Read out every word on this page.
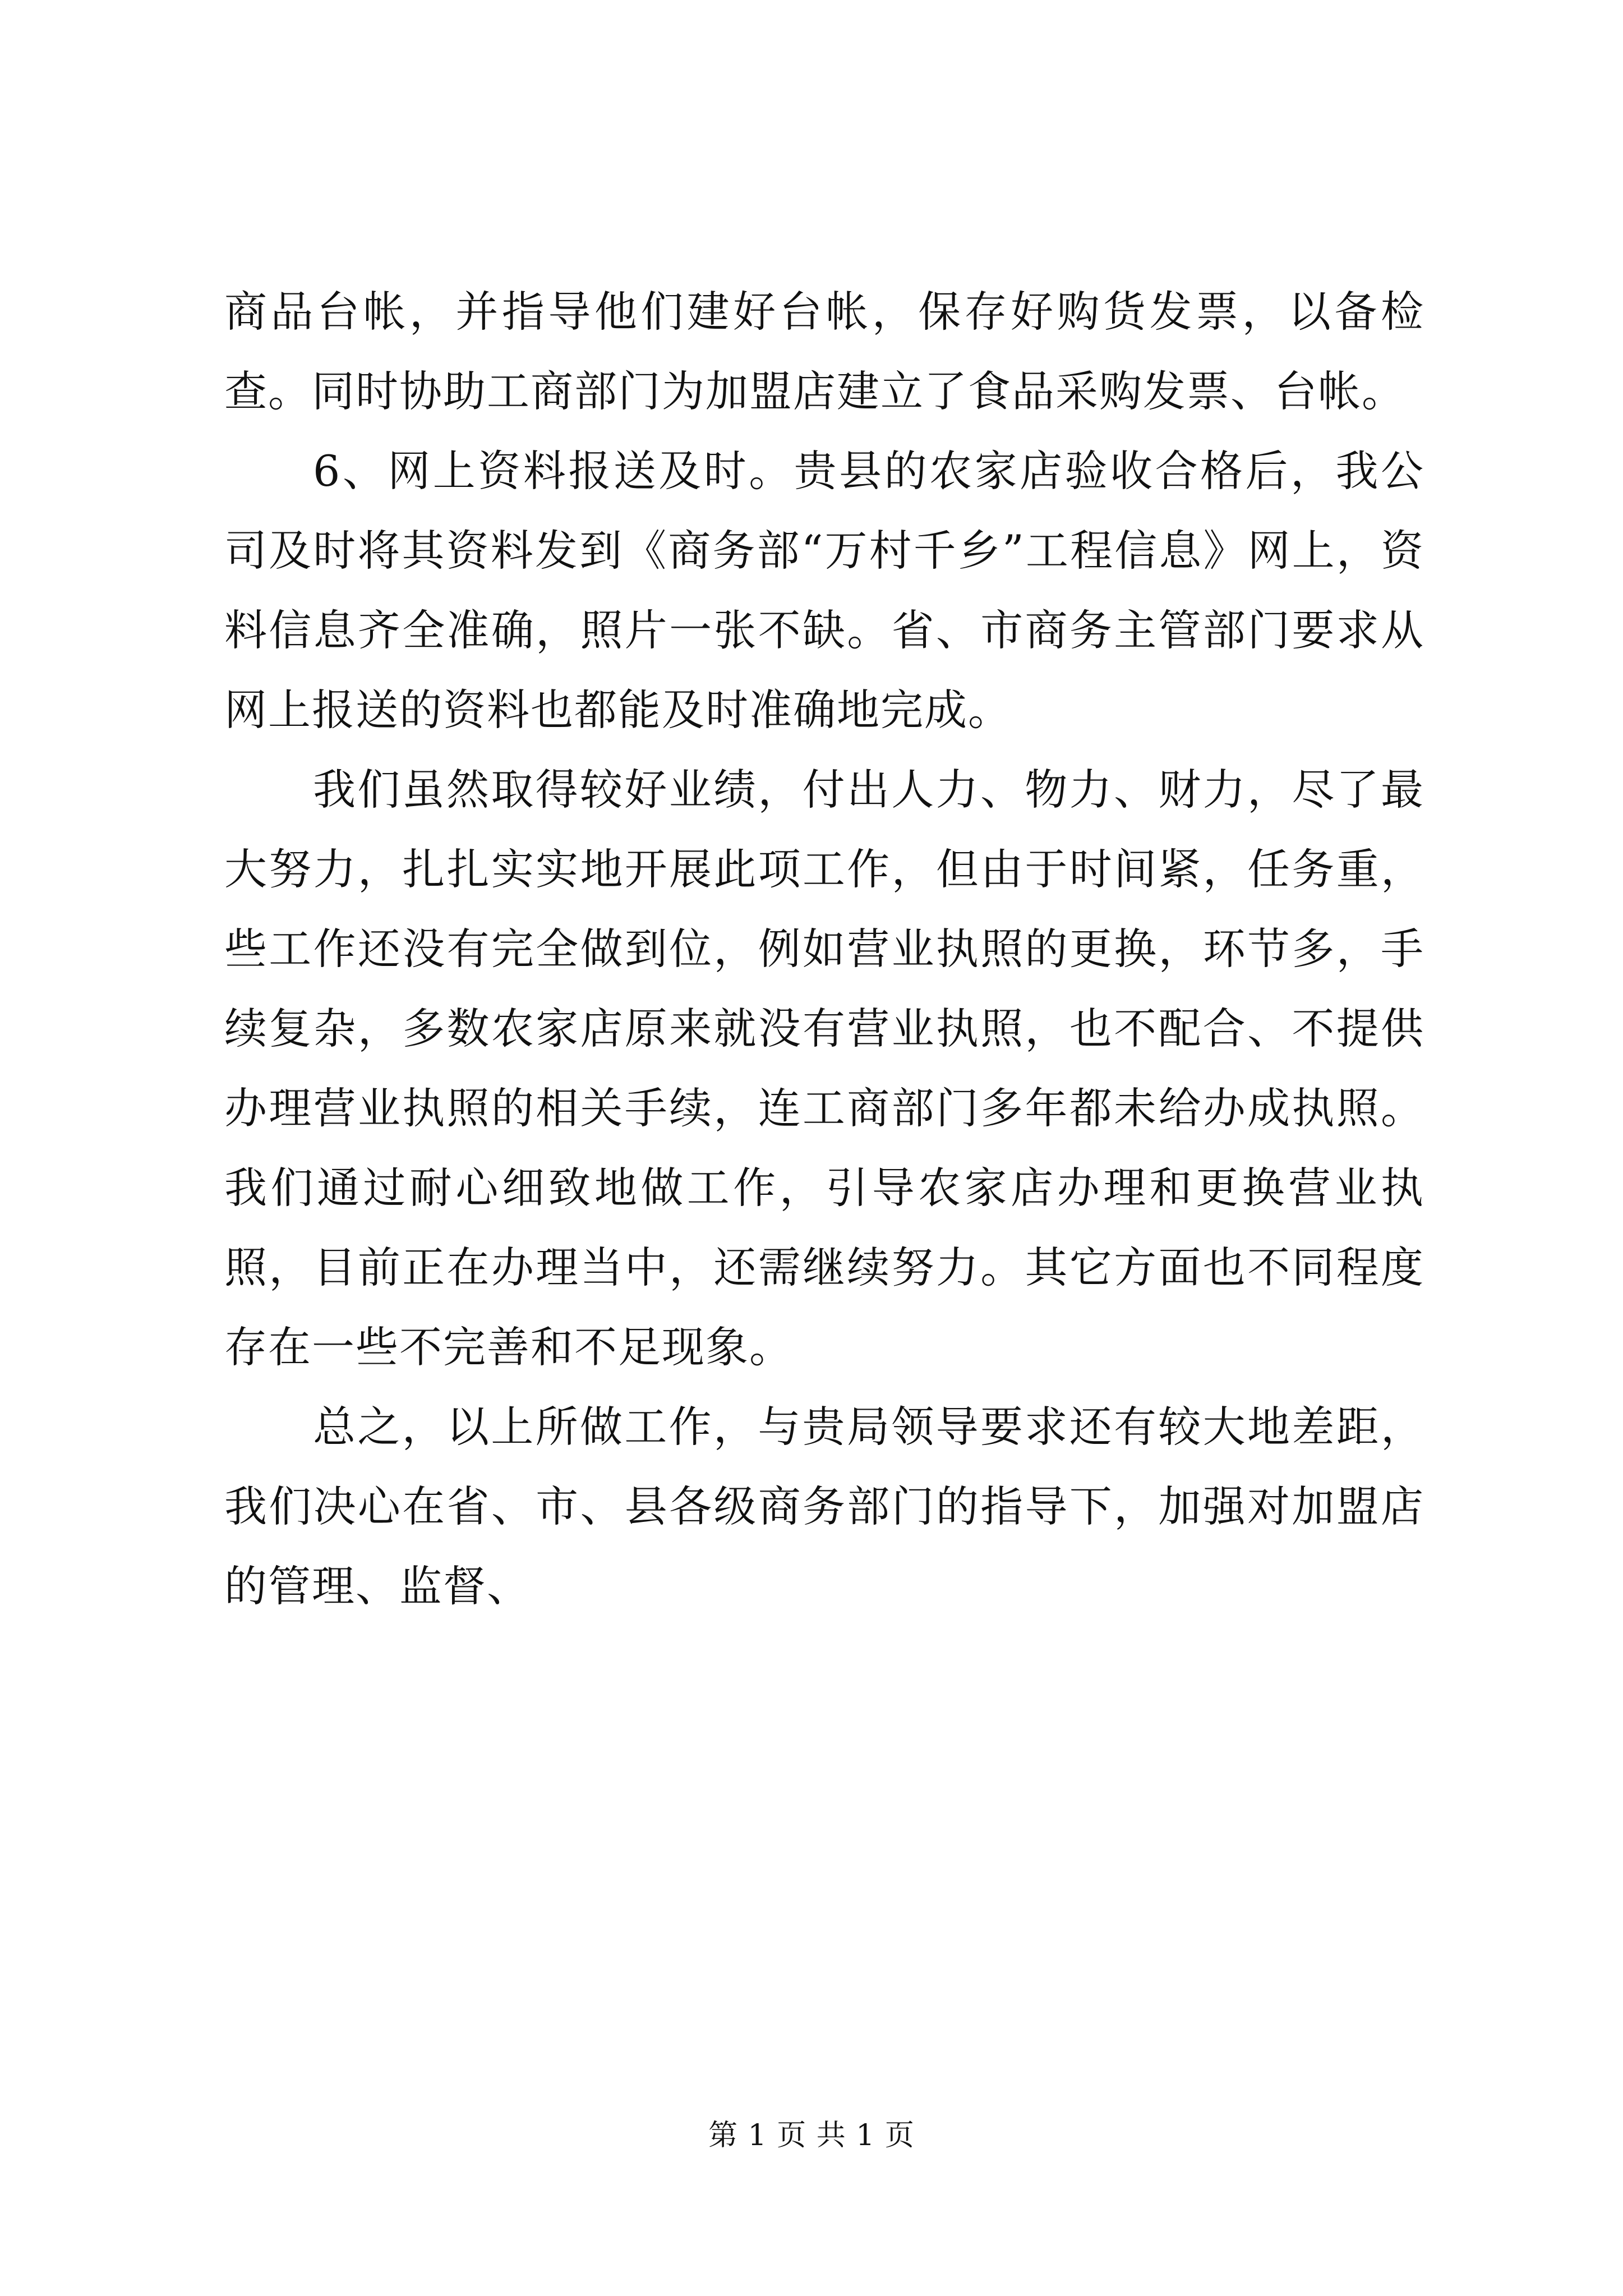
商品台帐，并指导他们建好台帐，保存好购货发票，以备检查。同时协助工商部门为加盟店建立了食品采购发票、台帐。

6、网上资料报送及时。贵县的农家店验收合格后，我公司及时将其资料发到《商务部“万村千乡”工程信息》网上，资料信息齐全准确，照片一张不缺。省、市商务主管部门要求从网上报送的资料也都能及时准确地完成。

我们虽然取得较好业绩，付出人力、物力、财力，尽了最大努力，扎扎实实地开展此项工作，但由于时间紧，任务重，些工作还没有完全做到位，例如营业执照的更换，环节多，手续复杂，多数农家店原来就没有营业执照，也不配合、不提供办理营业执照的相关手续，连工商部门多年都未给办成执照。我们通过耐心细致地做工作，引导农家店办理和更换营业执照，目前正在办理当中，还需继续努力。其它方面也不同程度存在一些不完善和不足现象。

总之，以上所做工作，与贵局领导要求还有较大地差距，我们决心在省、市、县各级商务部门的指导下，加强对加盟店的管理、监督、

第 1 页 共 1 页
